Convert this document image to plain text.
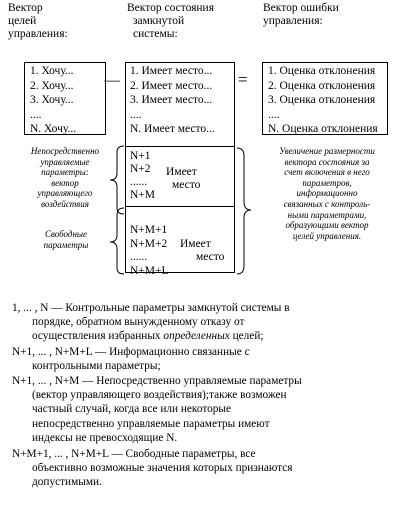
Вектор
целей
управления:
Вектор состояния
замкнутой
системы:
Вектор ошибки
управления:
1. Хочу...
2. Хочу...
3. Хочу...
....
N. Хочу...
—
1. Имеет место...
2. Имеет место...
3. Имеет место...
....
N. Имеет место...
N+1
N+2
......
N+M
Имеет
место
N+M+1
N+M+2
......
N+M+L
Имеет
место
= 1. Оценка отклонения
2. Оценка отклонения
3. Оценка отклонения
....
N. Оценка отклонения
Непосредственно
управляемые
параметры:
вектор
управляющего
воздействия
Свободные
параметры
Увеличение размерности
вектора состояния за
счет включения в него
параметров,
информационно
связанных с контроль-
ными параметрами,
образующими вектор
целей управления.
1, ... , N — Контрольные параметры замкнутой системы в
порядке, обратном вынужденному отказу от
осуществления избранных определенных целей;
N+1, ... , N+M+L — Информационно связанные с
контрольными параметры;
N+1, ... , N+M — Непосредственно управляемые параметры
(вектор управляющего воздействия);также возможен
частный случай, когда все или некоторые
непосредственно управляемые параметры имеют
индексы не превосходящие N.
N+M+1, ... , N+M+L — Свободные параметры, все
объективно возможные значения которых признаются
допустимыми.
